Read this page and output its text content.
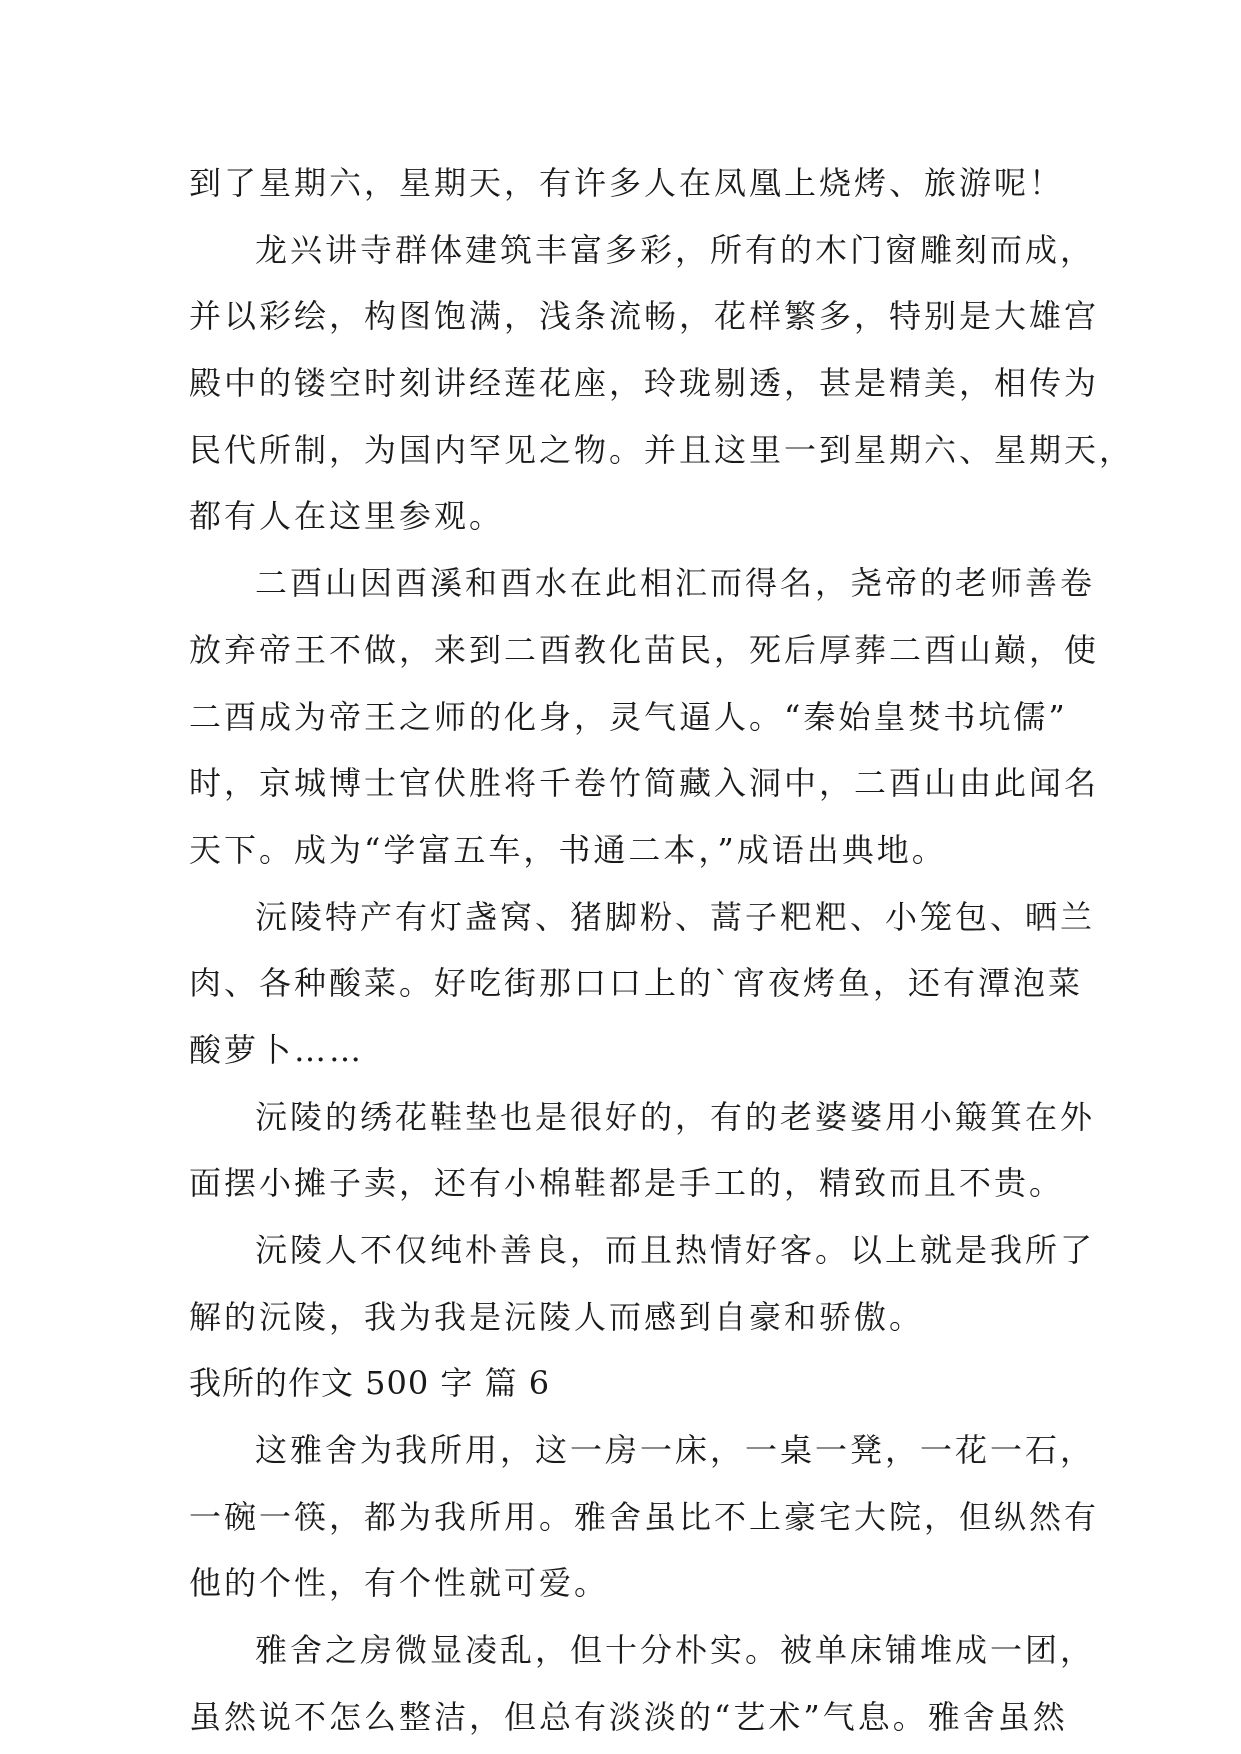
到了星期六，星期天，有许多人在凤凰上烧烤、旅游呢！
龙兴讲寺群体建筑丰富多彩，所有的木门窗雕刻而成，
并以彩绘，构图饱满，浅条流畅，花样繁多，特别是大雄宫
殿中的镂空时刻讲经莲花座，玲珑剔透，甚是精美，相传为
民代所制，为国内罕见之物。并且这里一到星期六、星期天，
都有人在这里参观。
二酉山因酉溪和酉水在此相汇而得名，尧帝的老师善卷
放弃帝王不做，来到二酉教化苗民，死后厚葬二酉山巅，使
二酉成为帝王之师的化身，灵气逼人。“秦始皇焚书坑儒”
时，京城博士官伏胜将千卷竹简藏入洞中，二酉山由此闻名
天下。成为“学富五车，书通二本，”成语出典地。
沅陵特产有灯盏窝、猪脚粉、蒿子粑粑、小笼包、晒兰
肉、各种酸菜。好吃街那口口上的`宵夜烤鱼，还有潭泡菜
酸萝卜……
沅陵的绣花鞋垫也是很好的，有的老婆婆用小簸箕在外
面摆小摊子卖，还有小棉鞋都是手工的，精致而且不贵。
沅陵人不仅纯朴善良，而且热情好客。以上就是我所了
解的沅陵，我为我是沅陵人而感到自豪和骄傲。
我所的作文 500 字 篇 6
这雅舍为我所用，这一房一床，一桌一凳，一花一石，
一碗一筷，都为我所用。雅舍虽比不上豪宅大院，但纵然有
他的个性，有个性就可爱。
雅舍之房微显凌乱，但十分朴实。被单床铺堆成一团，
虽然说不怎么整洁，但总有淡淡的“艺术”气息。雅舍虽然
